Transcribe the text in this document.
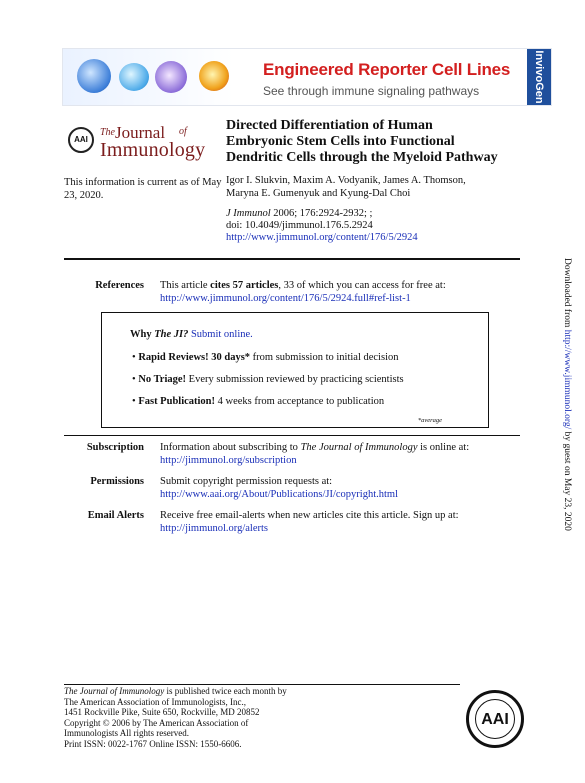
Engineered Reporter Cell Lines
See through immune signaling pathways	InvivoGen
AAI
The Journal of
Immunology
Directed Differentiation of Human
Embryonic Stem Cells into Functional
Dendritic Cells through the Myeloid Pathway
This information is current as of May 23, 2020.
Igor I. Slukvin, Maxim A. Vodyanik, James A. Thomson,
Maryna E. Gumenyuk and Kyung-Dal Choi
J Immunol 2006; 176:2924-2932; ;
doi: 10.4049/jimmunol.176.5.2924
http://www.jimmunol.org/content/176/5/2924
References This article cites 57 articles, 33 of which you can access for free at:
http://www.jimmunol.org/content/176/5/2924.full#ref-list-1
Why The JI? Submit online.
• Rapid Reviews! 30 days* from submission to initial decision
• No Triage! Every submission reviewed by practicing scientists
• Fast Publication! 4 weeks from acceptance to publication
*average
Subscription Information about subscribing to The Journal of Immunology is online at:
http://jimmunol.org/subscription
Permissions Submit copyright permission requests at:
http://www.aai.org/About/Publications/JI/copyright.html
Email Alerts Receive free email-alerts when new articles cite this article. Sign up at:
http://jimmunol.org/alerts
Downloaded from http://www.jimmunol.org/ by guest on May 23, 2020
The Journal of Immunology is published twice each month by
The American Association of Immunologists, Inc.,
1451 Rockville Pike, Suite 650, Rockville, MD 20852
Copyright © 2006 by The American Association of
Immunologists All rights reserved.
Print ISSN: 0022-1767 Online ISSN: 1550-6606.
AAI
